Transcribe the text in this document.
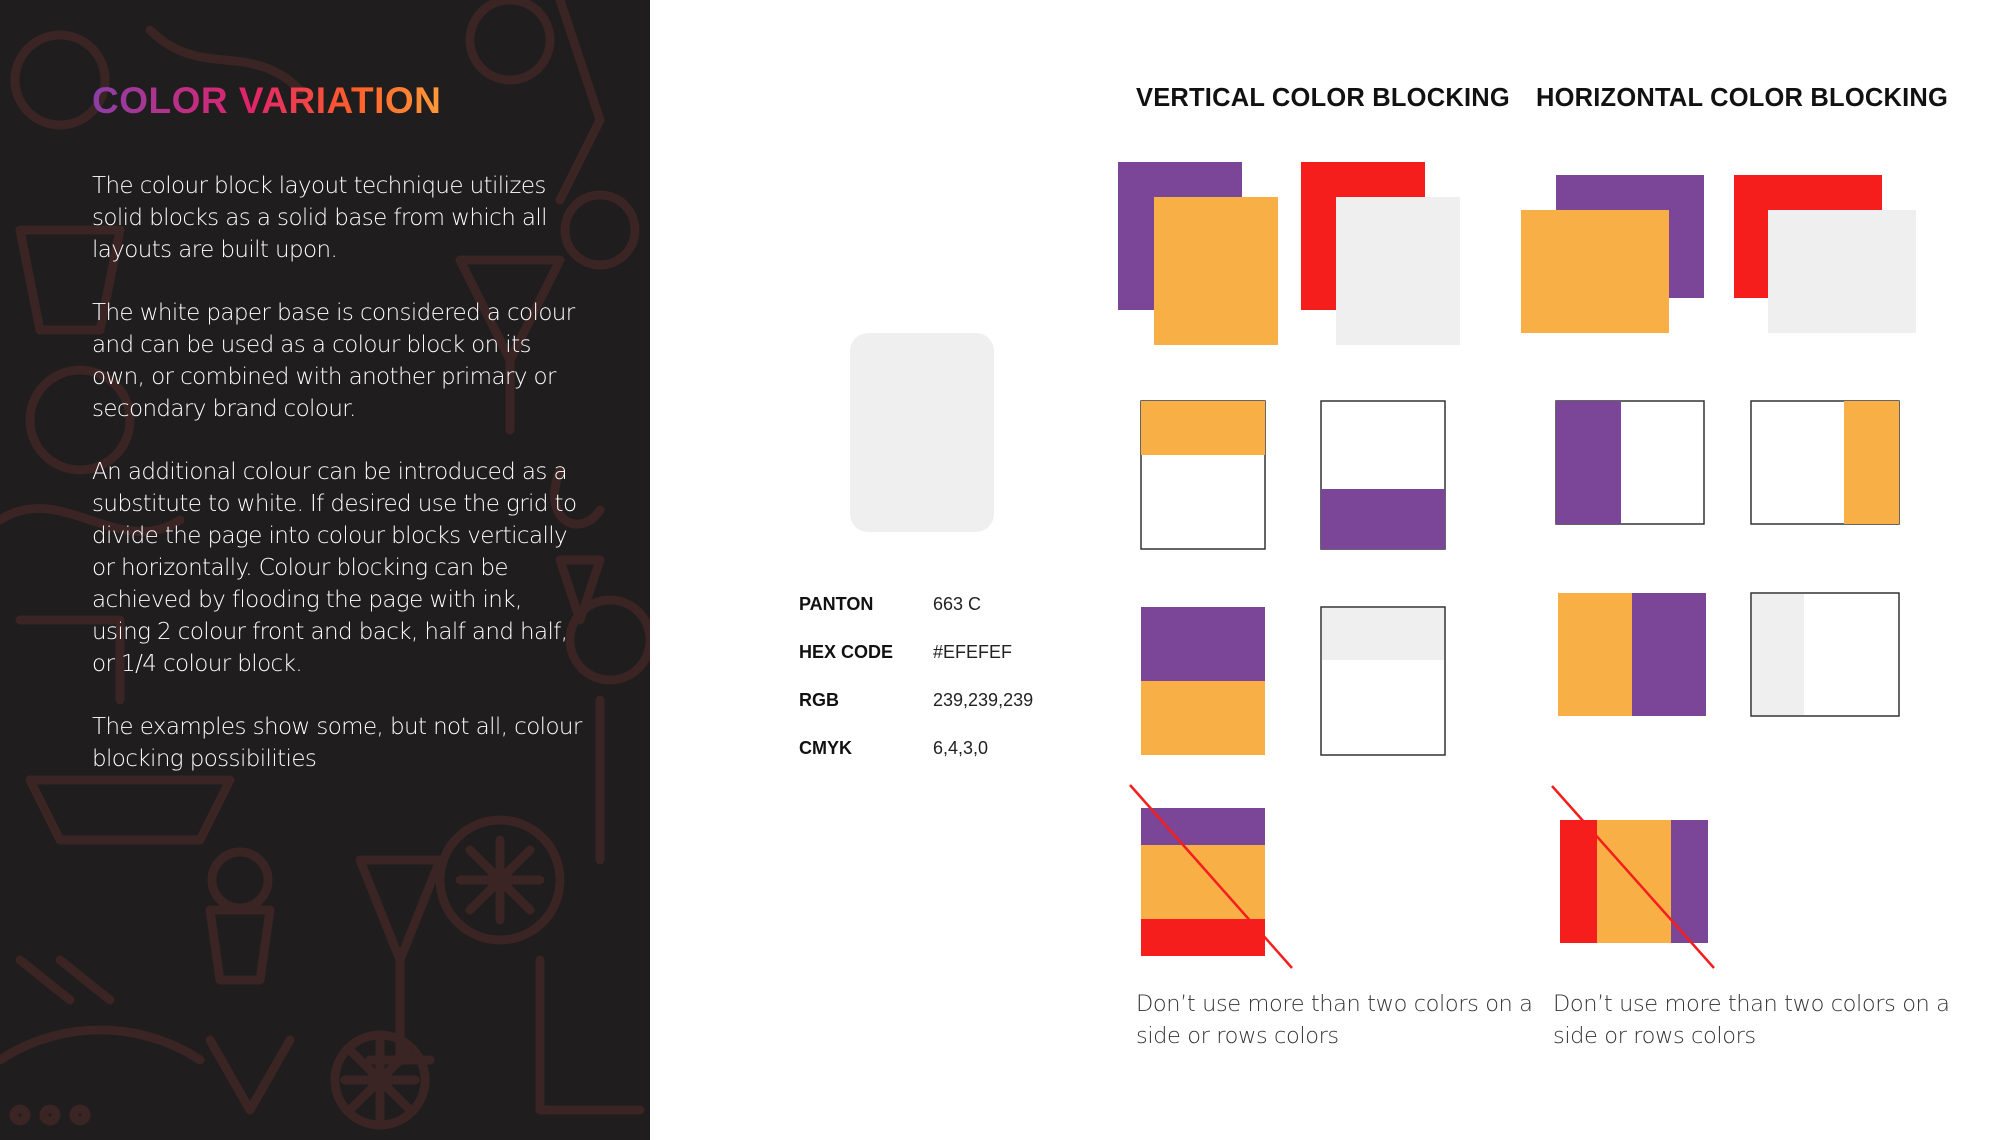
COLOR VARIATION

The colour block layout technique utilizes solid blocks as a solid base from which all layouts are built upon.

The white paper base is considered a colour and can be used as a colour block on its own, or combined with another primary or secondary brand colour.

An additional colour can be introduced as a substitute to white. If desired use the grid to divide the page into colour blocks vertically or horizontally. Colour blocking can be achieved by flooding the page with ink, using 2 colour front and back, half and half, or 1/4 colour block.

The examples show some, but not all, colour blocking possibilities

PANTON	663 C
HEX CODE #EFEFEF
RGB	239,239,239
CMYK	6,4,3,0
VERTICAL COLOR BLOCKING HORIZONTAL COLOR BLOCKING

Don’t use more than two colors on a side or rows colors

Don’t use more than two colors on a side or rows colors
